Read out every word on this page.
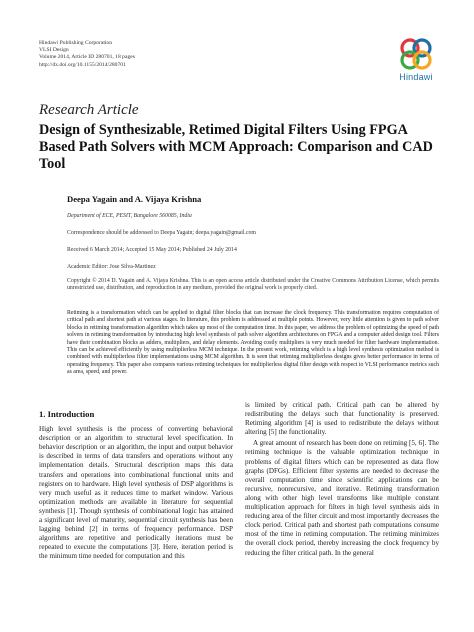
Hindawi Publishing Corporation
VLSI Design
Volume 2014, Article ID 280701, 18 pages
http://dx.doi.org/10.1155/2014/280701
Hindawi
Research Article
Design of Synthesizable, Retimed Digital Filters Using FPGA Based Path Solvers with MCM Approach: Comparison and CAD Tool
Deepa Yagain and A. Vijaya Krishna
Department of ECE, PESIT, Bangalore 560085, India
Correspondence should be addressed to Deepa Yagain; deepa.yagain@gmail.com
Received 6 March 2014; Accepted 15 May 2014; Published 24 July 2014
Academic Editor: Jose Silva-Martinez
Copyright © 2014 D. Yagain and A. Vijaya Krishna. This is an open access article distributed under the Creative Commons Attribution License, which permits unrestricted use, distribution, and reproduction in any medium, provided the original work is properly cited.
Retiming is a transformation which can be applied to digital filter blocks that can increase the clock frequency. This transformation requires computation of critical path and shortest path at various stages. In literature, this problem is addressed at multiple points. However, very little attention is given to path solver blocks in retiming transformation algorithm which takes up most of the computation time. In this paper, we address the problem of optimizing the speed of path solvers in retiming transformation by introducing high level synthesis of path solver algorithm architectures on FPGA and a computer aided design tool. Filters have their combination blocks as adders, multipliers, and delay elements. Avoiding costly multipliers is very much needed for filter hardware implementation. This can be achieved efficiently by using multiplierless MCM technique. In the present work, retiming which is a high level synthesis optimization method is combined with multiplierless filter implementations using MCM algorithm. It is seen that retiming multiplierless designs gives better performance in terms of operating frequency. This paper also compares various retiming techniques for multiplierless digital filter design with respect to VLSI performance metrics such as area, speed, and power.
1. Introduction

High level synthesis is the process of converting behavioral description or an algorithm to structural level specification. In behavior description or an algorithm, the input and output behavior is described in terms of data transfers and operations without any implementation details. Structural description maps this data transfers and operations into combinational functional units and registers on to hardware. High level synthesis of DSP algorithms is very much useful as it reduces time to market window. Various optimization methods are available in literature for sequential synthesis [1]. Though synthesis of combinational logic has attained a significant level of maturity, sequential circuit synthesis has been lagging behind [2] in terms of frequency performance. DSP algorithms are repetitive and periodically iterations must be repeated to execute the computations [3]. Here, iteration period is the minimum time needed for computation and this

is limited by critical path. Critical path can be altered by redistributing the delays such that functionality is preserved. Retiming algorithm [4] is used to redistribute the delays without altering [5] the functionality.

A great amount of research has been done on retiming [5, 6]. The retiming technique is the valuable optimization technique in problems of digital filters which can be represented as data flow graphs (DFGs). Efficient filter systems are needed to decrease the overall computation time since scientific applications can be recursive, nonrecursive, and iterative. Retiming transformation along with other high level transforms like multiple constant multiplication approach for filters in high level synthesis aids in reducing area of the filter circuit and most importantly decreases the clock period. Critical path and shortest path computations consume most of the time in retiming computation. The retiming minimizes the overall clock period, thereby increasing the clock frequency by reducing the filter critical path. In the general
